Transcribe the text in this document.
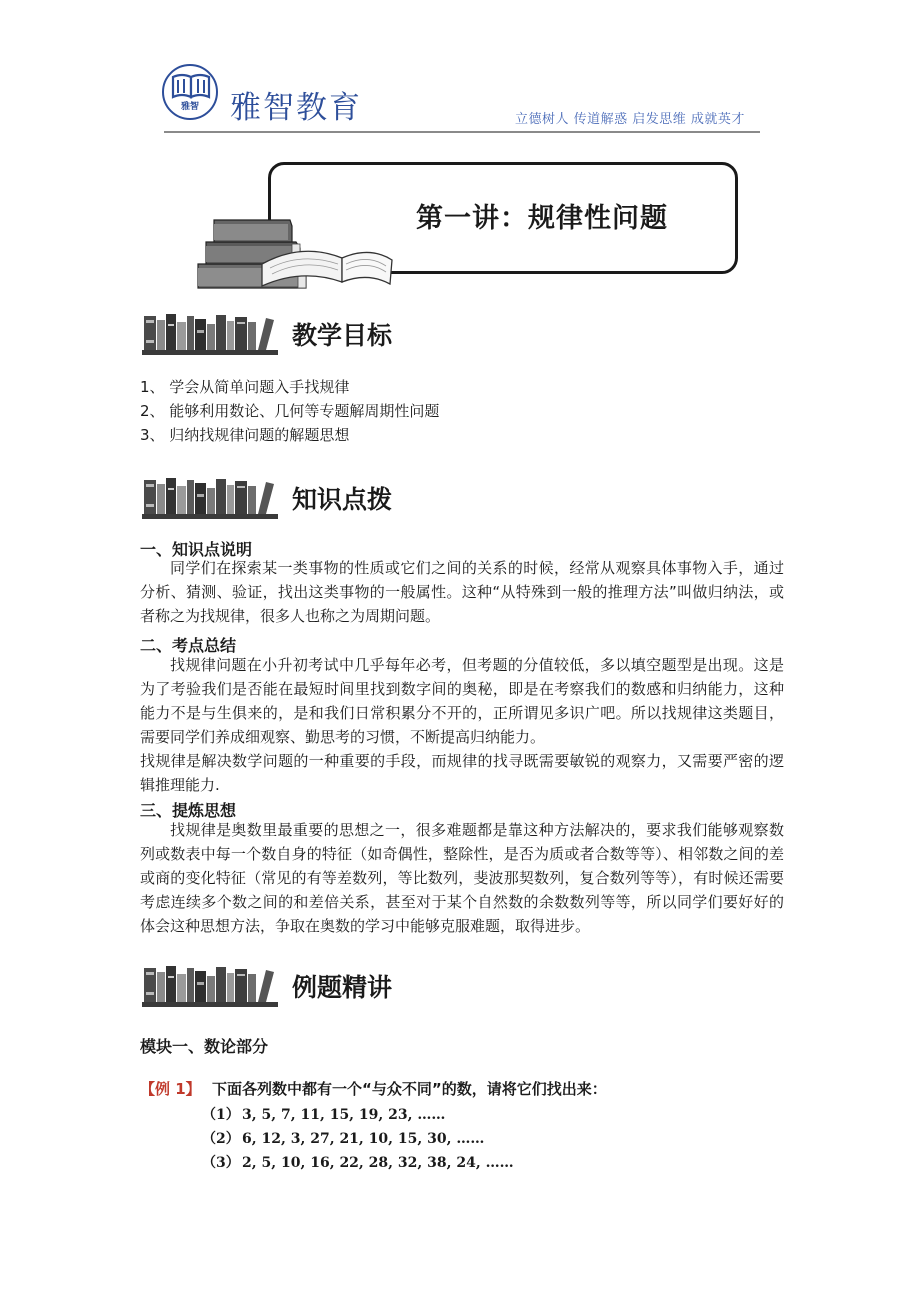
雅智	雅智教育	立德树人 传道解惑 启发思维 成就英才
第一讲：规律性问题
教学目标
1、 学会从简单问题入手找规律
2、 能够利用数论、几何等专题解周期性问题
3、 归纳找规律问题的解题思想
知识点拨
一、知识点说明

同学们在探索某一类事物的性质或它们之间的关系的时候，经常从观察具体事物入手，通过分析、猜测、验证，找出这类事物的一般属性。这种“从特殊到一般的推理方法”叫做归纳法，或者称之为找规律，很多人也称之为周期问题。

二、考点总结

找规律问题在小升初考试中几乎每年必考，但考题的分值较低，多以填空题型是出现。这是为了考验我们是否能在最短时间里找到数字间的奥秘，即是在考察我们的数感和归纳能力，这种能力不是与生俱来的，是和我们日常积累分不开的，正所谓见多识广吧。所以找规律这类题目，需要同学们养成细观察、勤思考的习惯，不断提高归纳能力。

找规律是解决数学问题的一种重要的手段，而规律的找寻既需要敏锐的观察力，又需要严密的逻辑推理能力.

三、提炼思想

找规律是奥数里最重要的思想之一，很多难题都是靠这种方法解决的，要求我们能够观察数列或数表中每一个数自身的特征（如奇偶性，整除性，是否为质或者合数等等）、相邻数之间的差或商的变化特征（常见的有等差数列，等比数列，斐波那契数列，复合数列等等），有时候还需要考虑连续多个数之间的和差倍关系，甚至对于某个自然数的余数数列等等，所以同学们要好好的体会这种思想方法，争取在奥数的学习中能够克服难题，取得进步。

例题精讲
模块一、数论部分
【例 1】 下面各列数中都有一个“与众不同”的数，请将它们找出来：
（1） 3, 5, 7, 11, 15, 19, 23, ……
（2） 6, 12, 3, 27, 21, 10, 15, 30, ……
（3） 2, 5, 10, 16, 22, 28, 32, 38, 24, ……
